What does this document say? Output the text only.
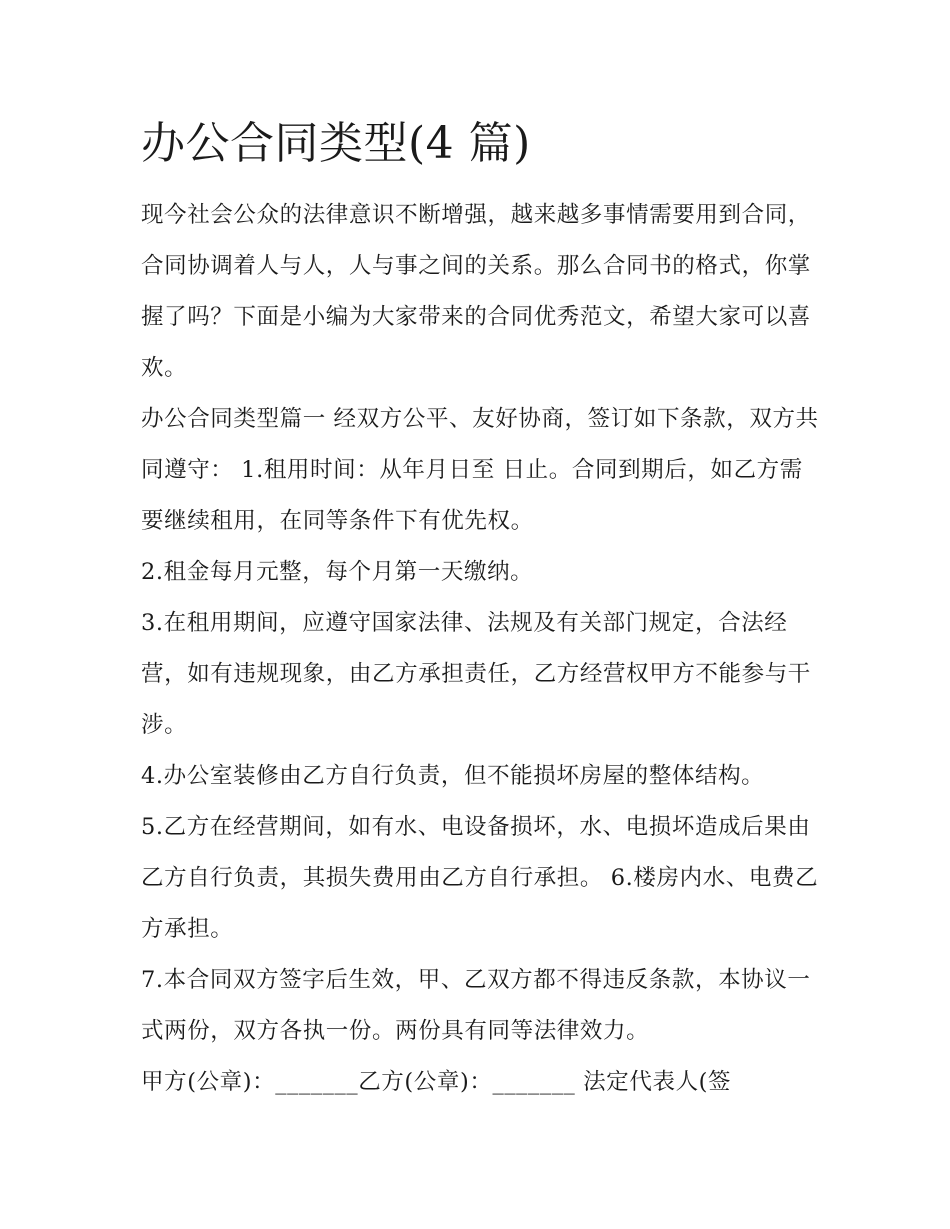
办公合同类型(4 篇)

现今社会公众的法律意识不断增强，越来越多事情需要用到合同，合同协调着人与人，人与事之间的关系。那么合同书的格式，你掌握了吗？下面是小编为大家带来的合同优秀范文，希望大家可以喜欢。

办公合同类型篇一 经双方公平、友好协商，签订如下条款，双方共同遵守： 1.租用时间：从年月日至 日止。合同到期后，如乙方需要继续租用，在同等条件下有优先权。

2.租金每月元整，每个月第一天缴纳。

3.在租用期间，应遵守国家法律、法规及有关部门规定，合法经营，如有违规现象，由乙方承担责任，乙方经营权甲方不能参与干涉。

4.办公室装修由乙方自行负责，但不能损坏房屋的整体结构。

5.乙方在经营期间，如有水、电设备损坏，水、电损坏造成后果由乙方自行负责，其损失费用由乙方自行承担。 6.楼房内水、电费乙方承担。

7.本合同双方签字后生效，甲、乙双方都不得违反条款，本协议一式两份，双方各执一份。两份具有同等法律效力。

甲方(公章)：_______乙方(公章)：_______ 法定代表人(签
